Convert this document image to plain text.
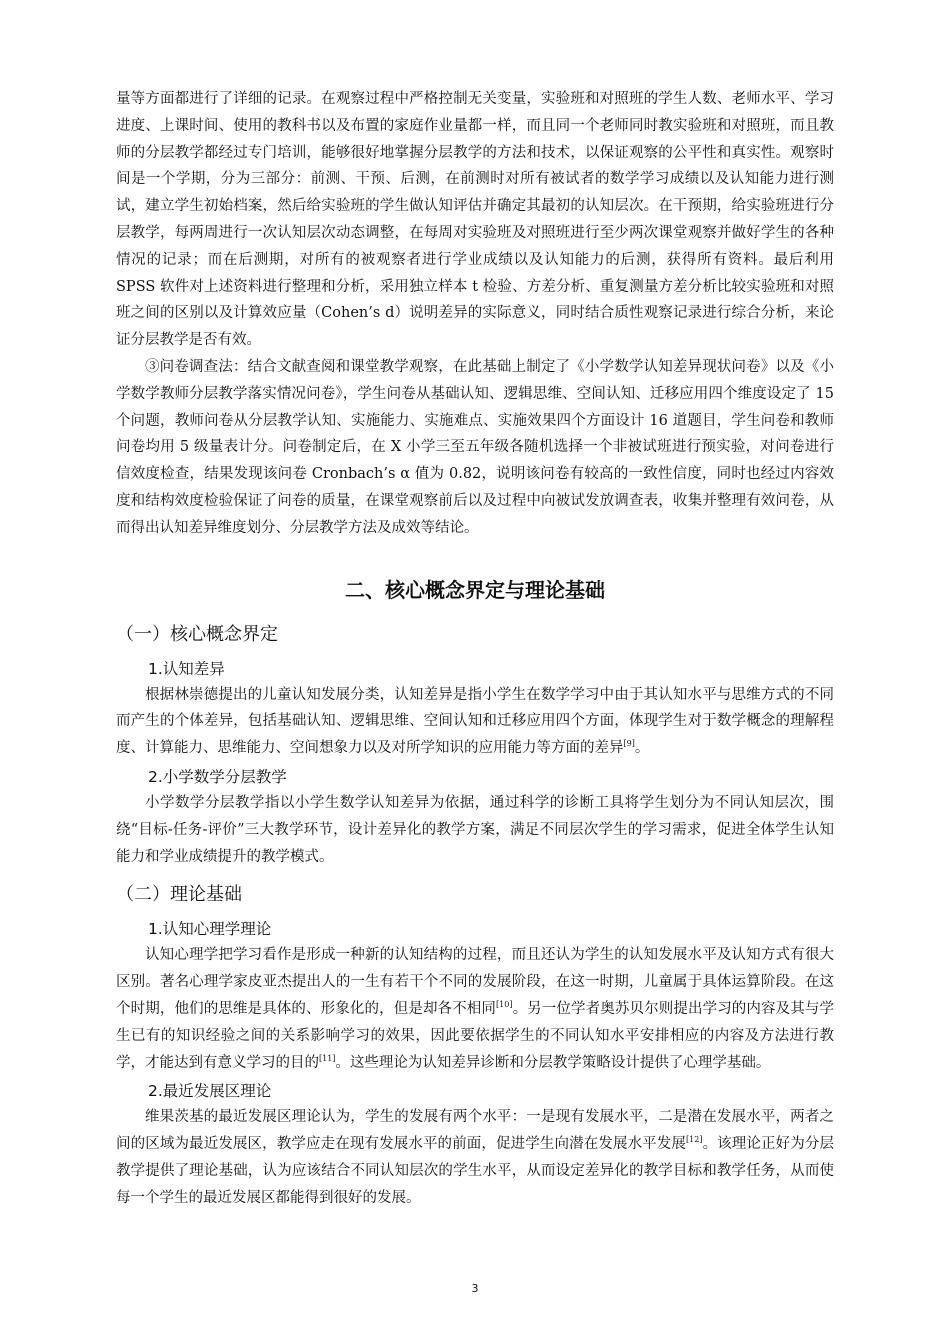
量等方面都进行了详细的记录。在观察过程中严格控制无关变量，实验班和对照班的学生人数、老师水平、学习进度、上课时间、使用的教科书以及布置的家庭作业量都一样，而且同一个老师同时教实验班和对照班，而且教师的分层教学都经过专门培训，能够很好地掌握分层教学的方法和技术，以保证观察的公平性和真实性。观察时间是一个学期，分为三部分：前测、干预、后测，在前测时对所有被试者的数学学习成绩以及认知能力进行测试，建立学生初始档案，然后给实验班的学生做认知评估并确定其最初的认知层次。在干预期，给实验班进行分层教学，每两周进行一次认知层次动态调整，在每周对实验班及对照班进行至少两次课堂观察并做好学生的各种情况的记录；而在后测期，对所有的被观察者进行学业成绩以及认知能力的后测，获得所有资料。最后利用 SPSS 软件对上述资料进行整理和分析，采用独立样本 t 检验、方差分析、重复测量方差分析比较实验班和对照班之间的区别以及计算效应量（Cohen’s d）说明差异的实际意义，同时结合质性观察记录进行综合分析，来论证分层教学是否有效。

③问卷调查法：结合文献查阅和课堂教学观察，在此基础上制定了《小学数学认知差异现状问卷》以及《小学数学教师分层教学落实情况问卷》，学生问卷从基础认知、逻辑思维、空间认知、迁移应用四个维度设定了 15 个问题，教师问卷从分层教学认知、实施能力、实施难点、实施效果四个方面设计 16 道题目，学生问卷和教师问卷均用 5 级量表计分。问卷制定后，在 X 小学三至五年级各随机选择一个非被试班进行预实验，对问卷进行信效度检查，结果发现该问卷 Cronbach’s α 值为 0.82，说明该问卷有较高的一致性信度，同时也经过内容效度和结构效度检验保证了问卷的质量，在课堂观察前后以及过程中向被试发放调查表，收集并整理有效问卷，从而得出认知差异维度划分、分层教学方法及成效等结论。

二、核心概念界定与理论基础
（一）核心概念界定
1.认知差异

根据林崇德提出的儿童认知发展分类，认知差异是指小学生在数学学习中由于其认知水平与思维方式的不同而产生的个体差异，包括基础认知、逻辑思维、空间认知和迁移应用四个方面，体现学生对于数学概念的理解程度、计算能力、思维能力、空间想象力以及对所学知识的应用能力等方面的差异[9]。

2.小学数学分层教学

小学数学分层教学指以小学生数学认知差异为依据，通过科学的诊断工具将学生划分为不同认知层次，围绕“目标-任务-评价”三大教学环节，设计差异化的教学方案，满足不同层次学生的学习需求，促进全体学生认知能力和学业成绩提升的教学模式。

（二）理论基础
1.认知心理学理论

认知心理学把学习看作是形成一种新的认知结构的过程，而且还认为学生的认知发展水平及认知方式有很大区别。著名心理学家皮亚杰提出人的一生有若干个不同的发展阶段，在这一时期，儿童属于具体运算阶段。在这个时期，他们的思维是具体的、形象化的，但是却各不相同[10]。另一位学者奥苏贝尔则提出学习的内容及其与学生已有的知识经验之间的关系影响学习的效果，因此要依据学生的不同认知水平安排相应的内容及方法进行教学，才能达到有意义学习的目的[11]。这些理论为认知差异诊断和分层教学策略设计提供了心理学基础。

2.最近发展区理论

维果茨基的最近发展区理论认为，学生的发展有两个水平：一是现有发展水平，二是潜在发展水平，两者之间的区域为最近发展区，教学应走在现有发展水平的前面，促进学生向潜在发展水平发展[12]。该理论正好为分层教学提供了理论基础，认为应该结合不同认知层次的学生水平，从而设定差异化的教学目标和教学任务，从而使每一个学生的最近发展区都能得到很好的发展。

3
